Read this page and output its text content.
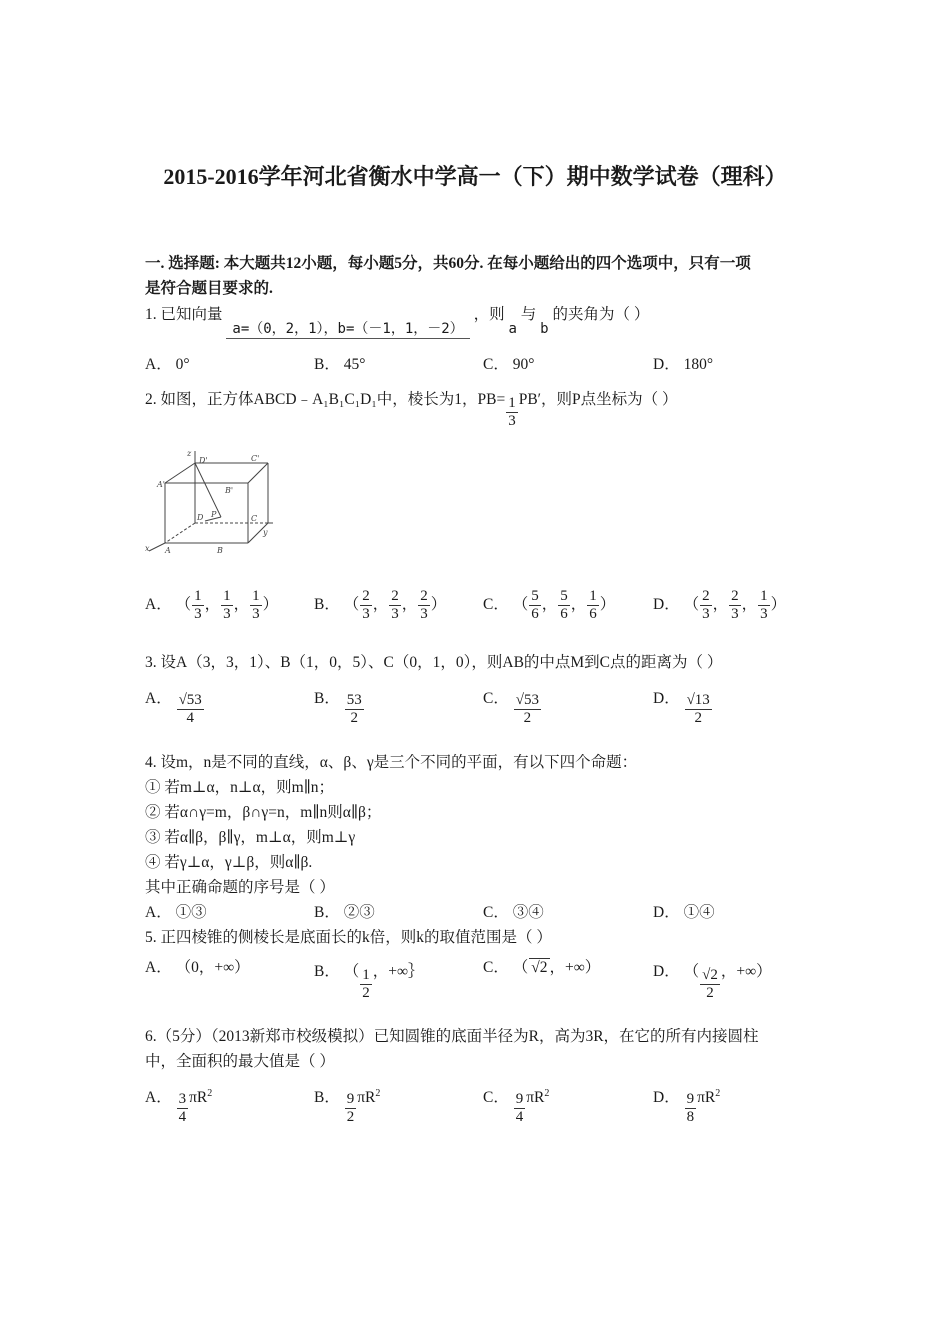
2015-2016学年河北省衡水中学高一（下）期中数学试卷（理科）
一. 选择题: 本大题共12小题，每小题5分，共60分. 在每小题给出的四个选项中，只有一项
是符合题目要求的.
1. 已知向量 a=（0，2，1），b=（－1，1，－2） ，则 a 与 b 的夹角为（ ）
A． 0°	B． 45°	C． 90°	D． 180°
2. 如图，正方体ABCD﹣A₁B₁C₁D₁中，棱长为1，$PB= \frac{1}{3} PB'$，则P点坐标为（ ）
z
D'	C'
A'
B'
D	C
P
x A	B
y
A． （ $\frac{1}{3}$ ， $\frac{1}{3}$ ， $\frac{1}{3}$ ） B． （ $\frac{2}{3}$ ， $\frac{2}{3}$ ， $\frac{2}{3}$ ） C． （ $\frac{5}{6}$ ， $\frac{5}{6}$ ， $\frac{1}{6}$ ） D． （ $\frac{2}{3}$ ， $\frac{2}{3}$ ， $\frac{1}{3}$ ）
3. 设A（3，3，1）、B（1，0，5）、C（0，1，0），则AB的中点M到C点的距离为（ ）
A． $\frac{√53}{4}$	B． $\frac{53}{2}$	C． $\frac{√53}{2}$	D． $\frac{√13}{2}$
4. 设m，n是不同的直线，α、β、γ是三个不同的平面，有以下四个命题：
① 若m⊥α，n⊥α，则m∥n；
② 若α∩γ=m，β∩γ=n，m∥n则α∥β；
③ 若α∥β，β∥γ，m⊥α，则m⊥γ
④ 若γ⊥α，γ⊥β，则α∥β.
其中正确命题的序号是（ ）
A． ①③	B． ②③	C． ③④	D． ①④
5. 正四棱锥的侧棱长是底面长的k倍，则k的取值范围是（ ）
A． （0，+∞）	B． （ $\frac{1}{2}$ ，+∞｝	C． （ √2 ，+∞）	D． （ $\frac{√2}{2}$ ，+∞）
6.（5分）（2013新郑市校级模拟）已知圆锥的底面半径为R，高为3R，在它的所有内接圆柱
中，全面积的最大值是（ ）
A． $\frac{3}{4} \pi R^2$	B． $\frac{9}{2} \pi R^2$	C． $\frac{9}{4} \pi R^2$	D． $\frac{9}{8} \pi R^2$
